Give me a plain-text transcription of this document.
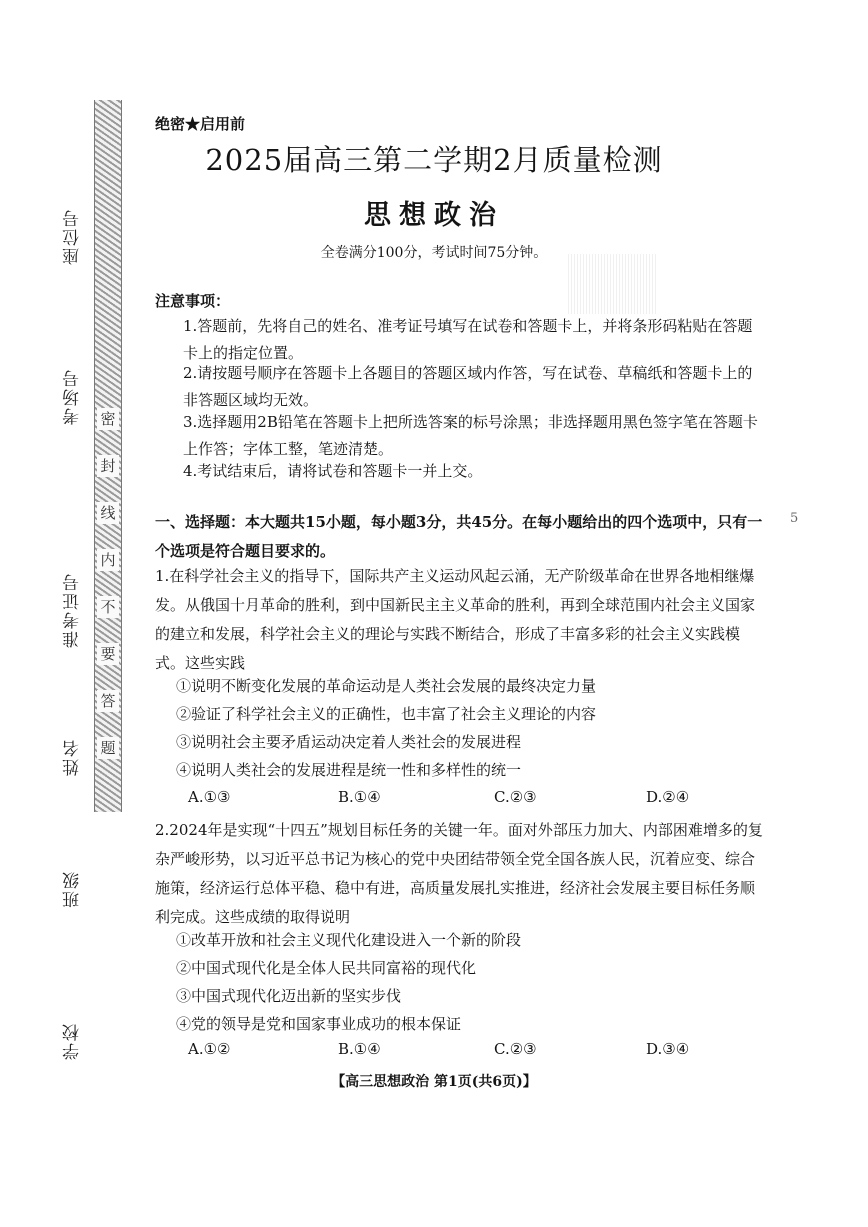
座位号
考场号
准考证号
姓名
班级
学校
密
封
线
内
不
要
答
题
绝密★启用前
2025届高三第二学期2月质量检测
思想政治
全卷满分100分，考试时间75分钟。
注意事项：
1.答题前，先将自己的姓名、准考证号填写在试卷和答题卡上，并将条形码粘贴在答题卡上的指定位置。
2.请按题号顺序在答题卡上各题目的答题区域内作答，写在试卷、草稿纸和答题卡上的非答题区域均无效。
3.选择题用2B铅笔在答题卡上把所选答案的标号涂黑；非选择题用黑色签字笔在答题卡上作答；字体工整，笔迹清楚。
4.考试结束后，请将试卷和答题卡一并上交。
一、选择题：本大题共15小题，每小题3分，共45分。在每小题给出的四个选项中，只有一个选项是符合题目要求的。
5
1.在科学社会主义的指导下，国际共产主义运动风起云涌，无产阶级革命在世界各地相继爆发。从俄国十月革命的胜利，到中国新民主主义革命的胜利，再到全球范围内社会主义国家的建立和发展，科学社会主义的理论与实践不断结合，形成了丰富多彩的社会主义实践模式。这些实践
①说明不断变化发展的革命运动是人类社会发展的最终决定力量
②验证了科学社会主义的正确性，也丰富了社会主义理论的内容
③说明社会主要矛盾运动决定着人类社会的发展进程
④说明人类社会的发展进程是统一性和多样性的统一
A.①③	B.①④	C.②③	D.②④
2.2024年是实现“十四五”规划目标任务的关键一年。面对外部压力加大、内部困难增多的复杂严峻形势，以习近平总书记为核心的党中央团结带领全党全国各族人民，沉着应变、综合施策，经济运行总体平稳、稳中有进，高质量发展扎实推进，经济社会发展主要目标任务顺利完成。这些成绩的取得说明
①改革开放和社会主义现代化建设进入一个新的阶段
②中国式现代化是全体人民共同富裕的现代化
③中国式现代化迈出新的坚实步伐
④党的领导是党和国家事业成功的根本保证
A.①②	B.①④	C.②③	D.③④
【高三思想政治 第1页(共6页)】
